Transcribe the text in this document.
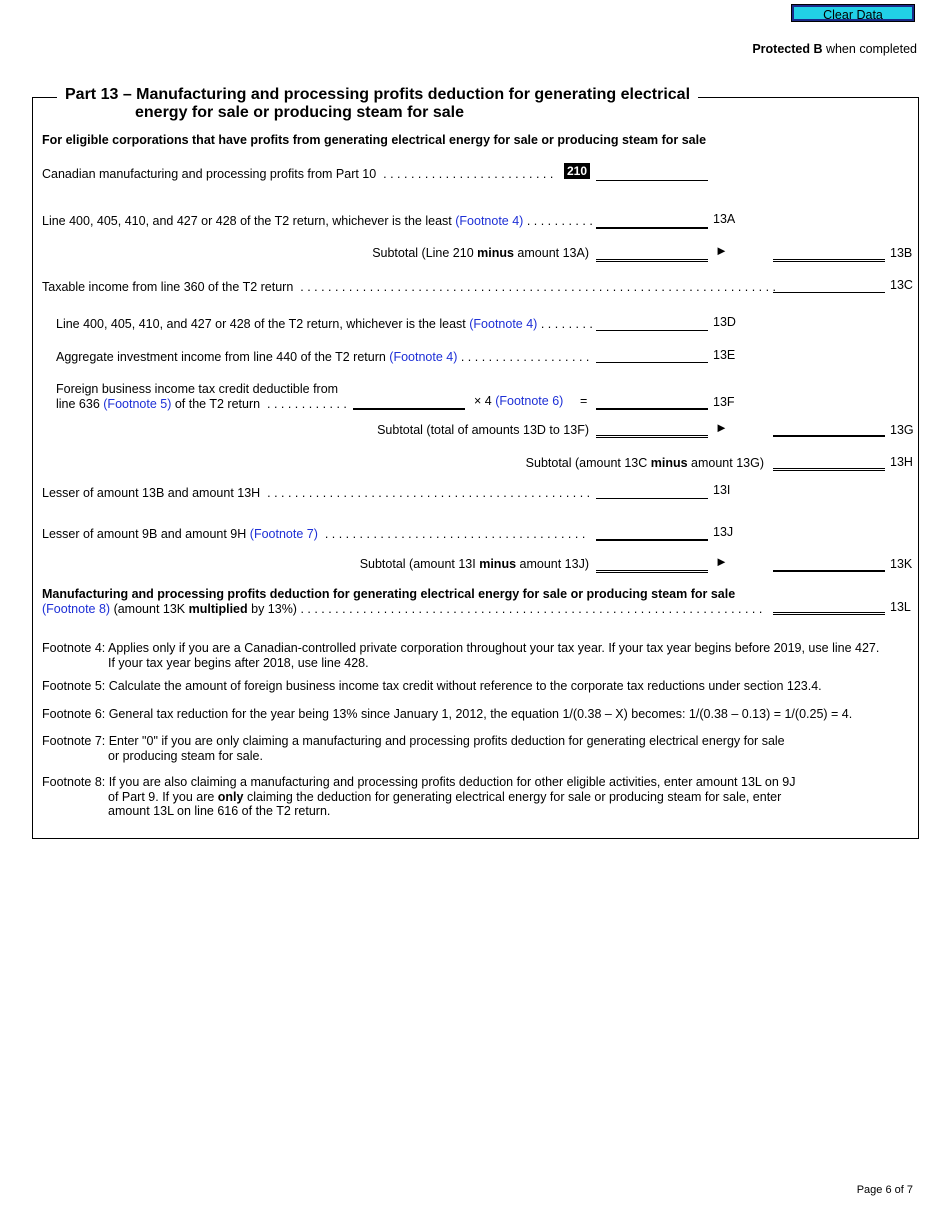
Clear Data
Protected B when completed
Part 13 – Manufacturing and processing profits deduction for generating electrical
energy for sale or producing steam for sale
For eligible corporations that have profits from generating electrical energy for sale or producing steam for sale
Canadian manufacturing and processing profits from Part 10  . . . . . . . . . . . . . . . . . . . . . . . . . 210
Line 400, 405, 410, and 427 or 428 of the T2 return, whichever is the least (Footnote 4) . . . . . . . . . .	13A
Subtotal (Line 210 minus amount 13A)	►	13B
Taxable income from line 360 of the T2 return  . . . . . . . . . . . . . . . . . . . . . . . . . . . . . . . . . . . . . . . . . . . . . . . . . . . . . . . . . . . . . . . . . . . . .	13C
Line 400, 405, 410, and 427 or 428 of the T2 return, whichever is the least (Footnote 4) . . . . . . . .	13D
Aggregate investment income from line 440 of the T2 return (Footnote 4) . . . . . . . . . . . . . . . . . . .	13E
Foreign business income tax credit deductible from
line 636 (Footnote 5) of the T2 return  . . . . . . . . . . . .	× 4 (Footnote 6) =	13F
Subtotal (total of amounts 13D to 13F)	►	13G
Subtotal (amount 13C minus amount 13G)	13H
Lesser of amount 13B and amount 13H  . . . . . . . . . . . . . . . . . . . . . . . . . . . . . . . . . . . . . . . . . . . . . . .	13I
Lesser of amount 9B and amount 9H (Footnote 7)  . . . . . . . . . . . . . . . . . . . . . . . . . . . . . . . . . . . . . .	13J
Subtotal (amount 13I minus amount 13J)	►	13K
Manufacturing and processing profits deduction for generating electrical energy for sale or producing steam for sale
(Footnote 8) (amount 13K multiplied by 13%) . . . . . . . . . . . . . . . . . . . . . . . . . . . . . . . . . . . . . . . . . . . . . . . . . . . . . . . . . . . . . . . . . . .	13L
Footnote 4: Applies only if you are a Canadian-controlled private corporation throughout your tax year. If your tax year begins before 2019, use line 427.
If your tax year begins after 2018, use line 428.
Footnote 5: Calculate the amount of foreign business income tax credit without reference to the corporate tax reductions under section 123.4.
Footnote 6: General tax reduction for the year being 13% since January 1, 2012, the equation 1/(0.38 – X) becomes: 1/(0.38 – 0.13) = 1/(0.25) = 4.
Footnote 7: Enter "0" if you are only claiming a manufacturing and processing profits deduction for generating electrical energy for sale
or producing steam for sale.
Footnote 8: If you are also claiming a manufacturing and processing profits deduction for other eligible activities, enter amount 13L on 9J
of Part 9. If you are only claiming the deduction for generating electrical energy for sale or producing steam for sale, enter
amount 13L on line 616 of the T2 return.
Page 6 of 7
